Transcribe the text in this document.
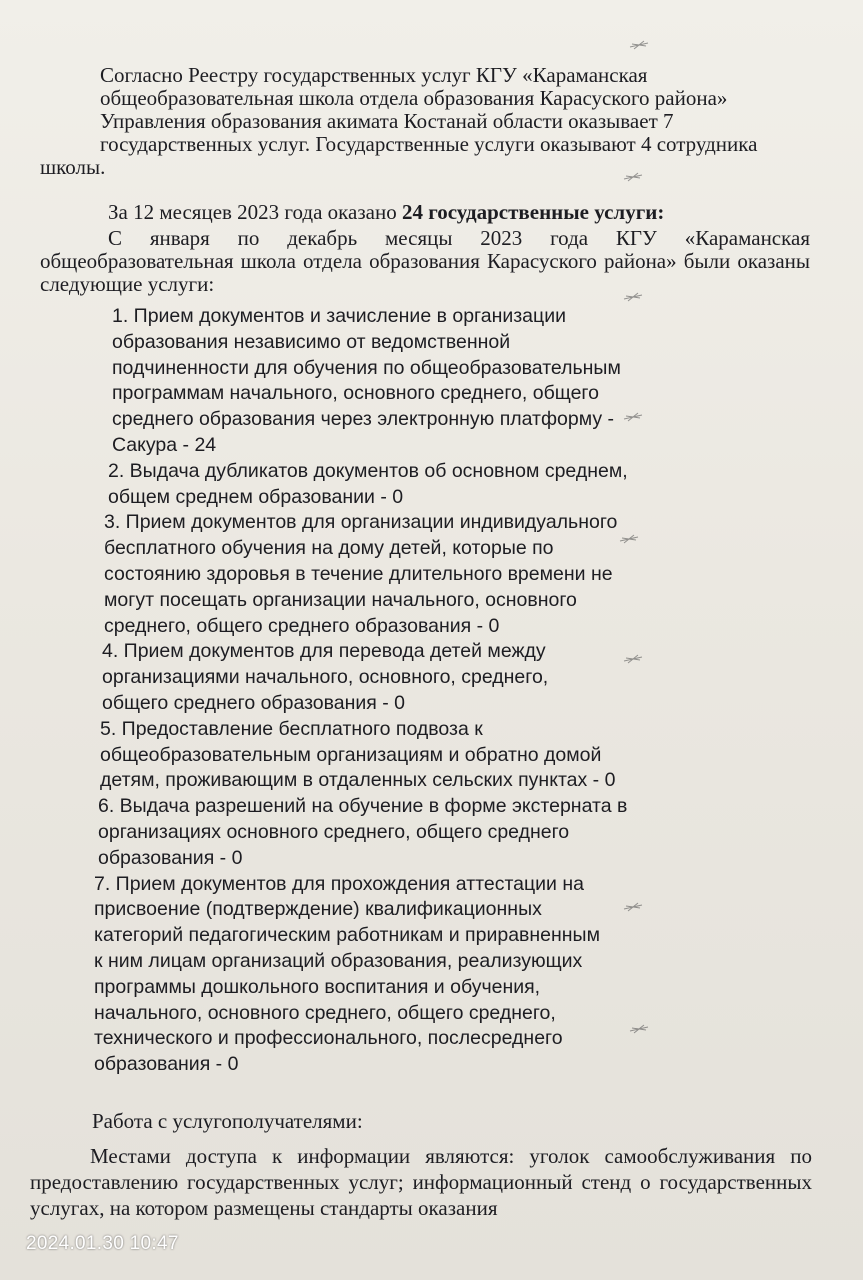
Согласно Реестру государственных услуг КГУ «Караманская
общеобразовательная школа отдела образования Карасуского района»
Управления образования акимата Костанай области оказывает 7
государственных услуг. Государственные услуги оказывают 4 сотрудника
школы.
За 12 месяцев 2023 года оказано 24 государственные услуги:
С января по декабрь месяцы 2023 года КГУ «Караманская общеобразовательная школа отдела образования Карасуского района» были оказаны следующие услуги:

1. Прием документов и зачисление в организации
образования независимо от ведомственной
подчиненности для обучения по общеобразовательным
программам начального, основного среднего, общего
среднего образования через электронную платформу -
Сакура - 24

2. Выдача дубликатов документов об основном среднем,
общем среднем образовании - 0

3. Прием документов для организации индивидуального
бесплатного обучения на дому детей, которые по
состоянию здоровья в течение длительного времени не
могут посещать организации начального, основного
среднего, общего среднего образования - 0

4. Прием документов для перевода детей между
организациями начального, основного, среднего,
общего среднего образования - 0

5. Предоставление бесплатного подвоза к
общеобразовательным организациям и обратно домой
детям, проживающим в отдаленных сельских пунктах - 0

6. Выдача разрешений на обучение в форме экстерната в
организациях основного среднего, общего среднего
образования - 0

7. Прием документов для прохождения аттестации на
присвоение (подтверждение) квалификационных
категорий педагогическим работникам и приравненным
к ним лицам организаций образования, реализующих
программы дошкольного воспитания и обучения,
начального, основного среднего, общего среднего,
технического и профессионального, послесреднего
образования - 0

Работа с услугополучателями:
Местами доступа к информации являются: уголок самообслуживания по предоставлению государственных услуг; информационный стенд о государственных услугах, на котором размещены стандарты оказания
2024.01.30 10:47
